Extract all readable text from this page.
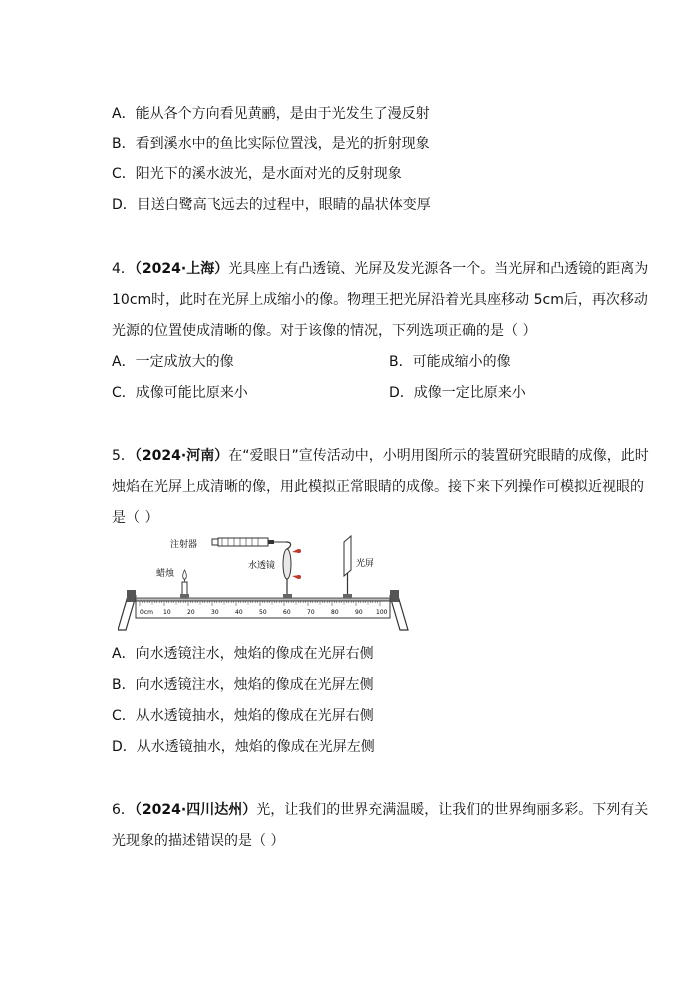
A．能从各个方向看见黄鹂，是由于光发生了漫反射
B．看到溪水中的鱼比实际位置浅，是光的折射现象
C．阳光下的溪水波光，是水面对光的反射现象
D．目送白鹭高飞远去的过程中，眼睛的晶状体变厚
4．（2024·上海）光具座上有凸透镜、光屏及发光源各一个。当光屏和凸透镜的距离为
10cm时，此时在光屏上成缩小的像。物理王把光屏沿着光具座移动 5cm后，再次移动
光源的位置使成清晰的像。对于该像的情况，下列选项正确的是（ ）
A．一定成放大的像	B．可能成缩小的像
C．成像可能比原来小	D．成像一定比原来小
5．（2024·河南）在“爱眼日”宣传活动中，小明用图所示的装置研究眼睛的成像，此时
烛焰在光屏上成清晰的像，用此模拟正常眼睛的成像。接下来下列操作可模拟近视眼的
是（ ）
0cm 10	20	30	40	50	60	70	80	90 100
蜡烛
注射器
水透镜	光屏
A．向水透镜注水，烛焰的像成在光屏右侧
B．向水透镜注水，烛焰的像成在光屏左侧
C．从水透镜抽水，烛焰的像成在光屏右侧
D．从水透镜抽水，烛焰的像成在光屏左侧
6．（2024·四川达州）光，让我们的世界充满温暖，让我们的世界绚丽多彩。下列有关
光现象的描述错误的是（ ）
